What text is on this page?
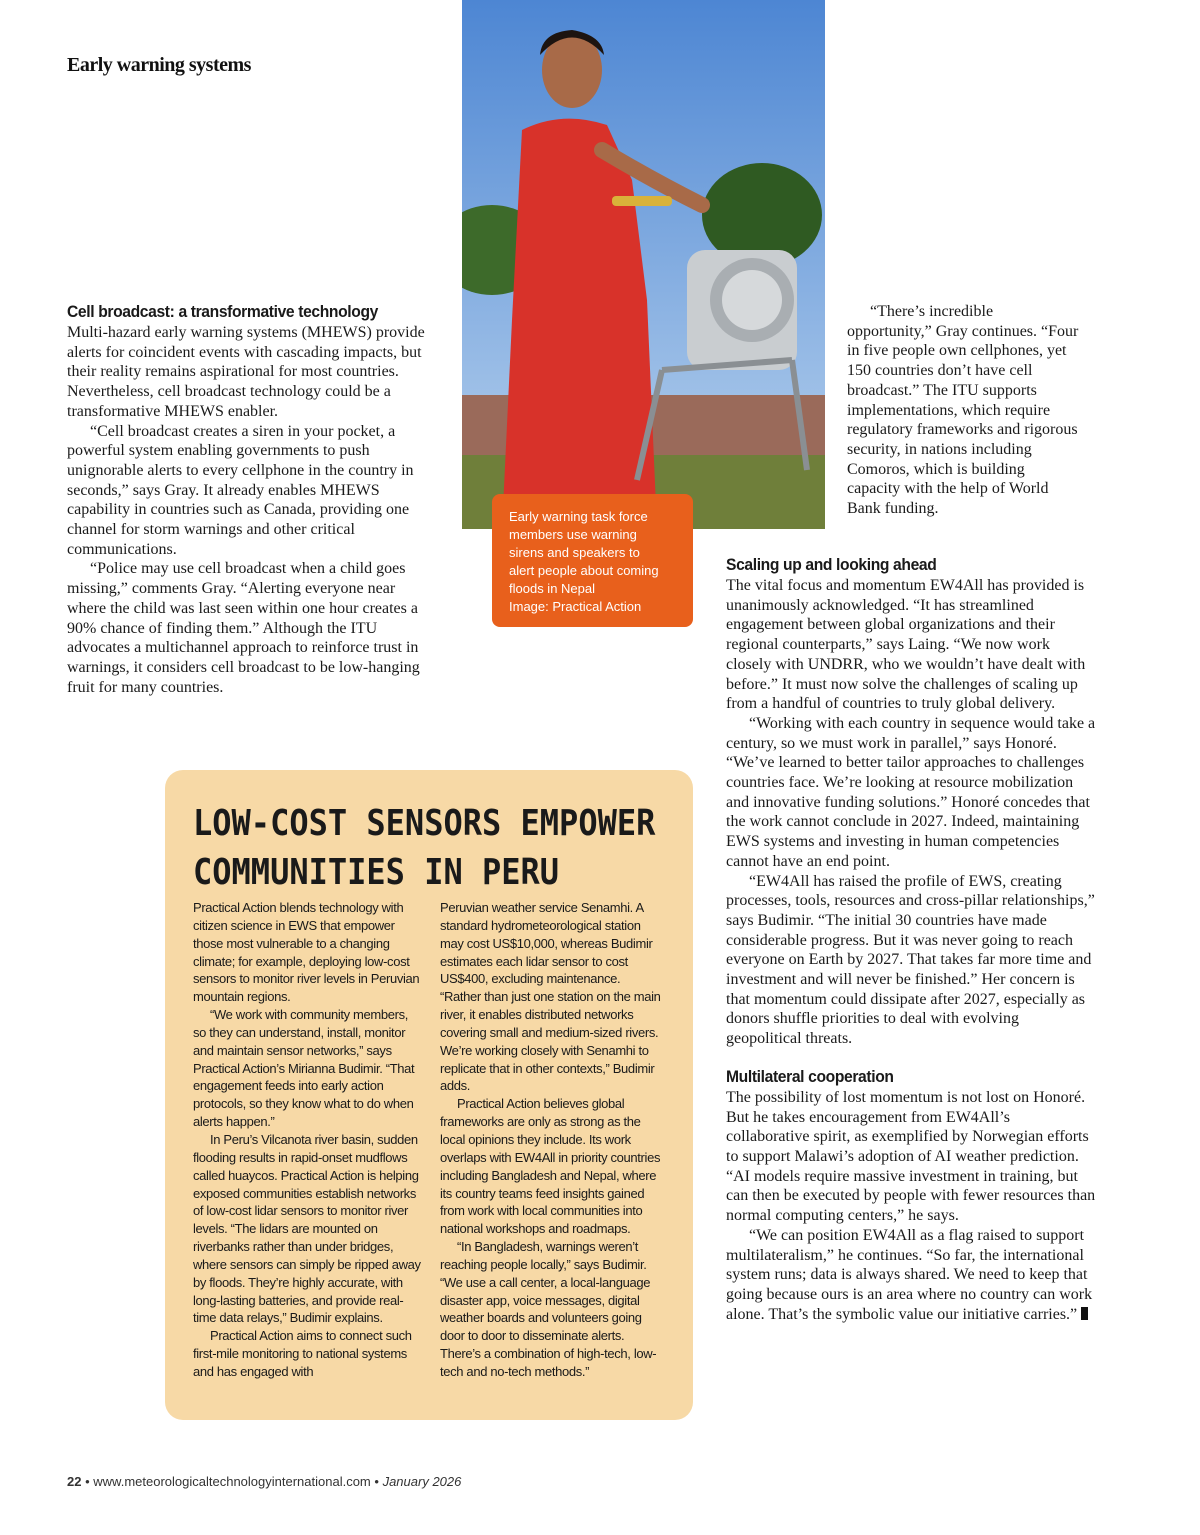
Early warning systems
Early warning task force
members use warning
sirens and speakers to
alert people about coming
floods in Nepal
Image: Practical Action
Cell broadcast: a transformative technology

Multi-hazard early warning systems (MHEWS) provide alerts for coincident events with cascading impacts, but their reality remains aspirational for most countries. Nevertheless, cell broadcast technology could be a transformative MHEWS enabler.

“Cell broadcast creates a siren in your pocket, a powerful system enabling governments to push unignorable alerts to every cellphone in the country in seconds,” says Gray. It already enables MHEWS capability in countries such as Canada, providing one channel for storm warnings and other critical communications.

“Police may use cell broadcast when a child goes missing,” comments Gray. “Alerting everyone near where the child was last seen within one hour creates a 90% chance of finding them.” Although the ITU advocates a multichannel approach to reinforce trust in warnings, it considers cell broadcast to be low-hanging fruit for many countries.

“There’s incredible opportunity,” Gray continues. “Four in five people own cellphones, yet 150 countries don’t have cell broadcast.” The ITU supports implementations, which require regulatory frameworks and rigorous security, in nations including Comoros, which is building capacity with the help of World Bank funding.

Scaling up and looking ahead

The vital focus and momentum EW4All has provided is unanimously acknowledged. “It has streamlined engagement between global organizations and their regional counterparts,” says Laing. “We now work closely with UNDRR, who we wouldn’t have dealt with before.” It must now solve the challenges of scaling up from a handful of countries to truly global delivery.

“Working with each country in sequence would take a century, so we must work in parallel,” says Honoré. “We’ve learned to better tailor approaches to challenges countries face. We’re looking at resource mobilization and innovative funding solutions.” Honoré concedes that the work cannot conclude in 2027. Indeed, maintaining EWS systems and investing in human competencies cannot have an end point.

“EW4All has raised the profile of EWS, creating processes, tools, resources and cross-pillar relationships,” says Budimir. “The initial 30 countries have made considerable progress. But it was never going to reach everyone on Earth by 2027. That takes far more time and investment and will never be finished.” Her concern is that momentum could dissipate after 2027, especially as donors shuffle priorities to deal with evolving geopolitical threats.

Multilateral cooperation

The possibility of lost momentum is not lost on Honoré. But he takes encouragement from EW4All’s collaborative spirit, as exemplified by Norwegian efforts to support Malawi’s adoption of AI weather prediction. “AI models require massive investment in training, but can then be executed by people with fewer resources than normal computing centers,” he says.

“We can position EW4All as a flag raised to support multilateralism,” he continues. “So far, the international system runs; data is always shared. We need to keep that going because ours is an area where no country can work alone. That’s the symbolic value our initiative carries.”

LOW-COST SENSORS EMPOWER
COMMUNITIES IN PERU

Practical Action blends technology with citizen science in EWS that empower those most vulnerable to a changing climate; for example, deploying low-cost sensors to monitor river levels in Peruvian mountain regions.

“We work with community members, so they can understand, install, monitor and maintain sensor networks,” says Practical Action’s Mirianna Budimir. “That engagement feeds into early action protocols, so they know what to do when alerts happen.”

In Peru’s Vilcanota river basin, sudden flooding results in rapid-onset mudflows called huaycos. Practical Action is helping exposed communities establish networks of low-cost lidar sensors to monitor river levels. “The lidars are mounted on riverbanks rather than under bridges, where sensors can simply be ripped away by floods. They’re highly accurate, with long-lasting batteries, and provide real-time data relays,” Budimir explains.

Practical Action aims to connect such first-mile monitoring to national systems and has engaged with

Peruvian weather service Senamhi. A standard hydrometeorological station may cost US$10,000, whereas Budimir estimates each lidar sensor to cost US$400, excluding maintenance. “Rather than just one station on the main river, it enables distributed networks covering small and medium-sized rivers. We’re working closely with Senamhi to replicate that in other contexts,” Budimir adds.

Practical Action believes global frameworks are only as strong as the local opinions they include. Its work overlaps with EW4All in priority countries including Bangladesh and Nepal, where its country teams feed insights gained from work with local communities into national workshops and roadmaps.

“In Bangladesh, warnings weren’t reaching people locally,” says Budimir. “We use a call center, a local-language disaster app, voice messages, digital weather boards and volunteers going door to door to disseminate alerts. There’s a combination of high-tech, low-tech and no-tech methods.”

22 • www.meteorologicaltechnologyinternational.com • January 2026
